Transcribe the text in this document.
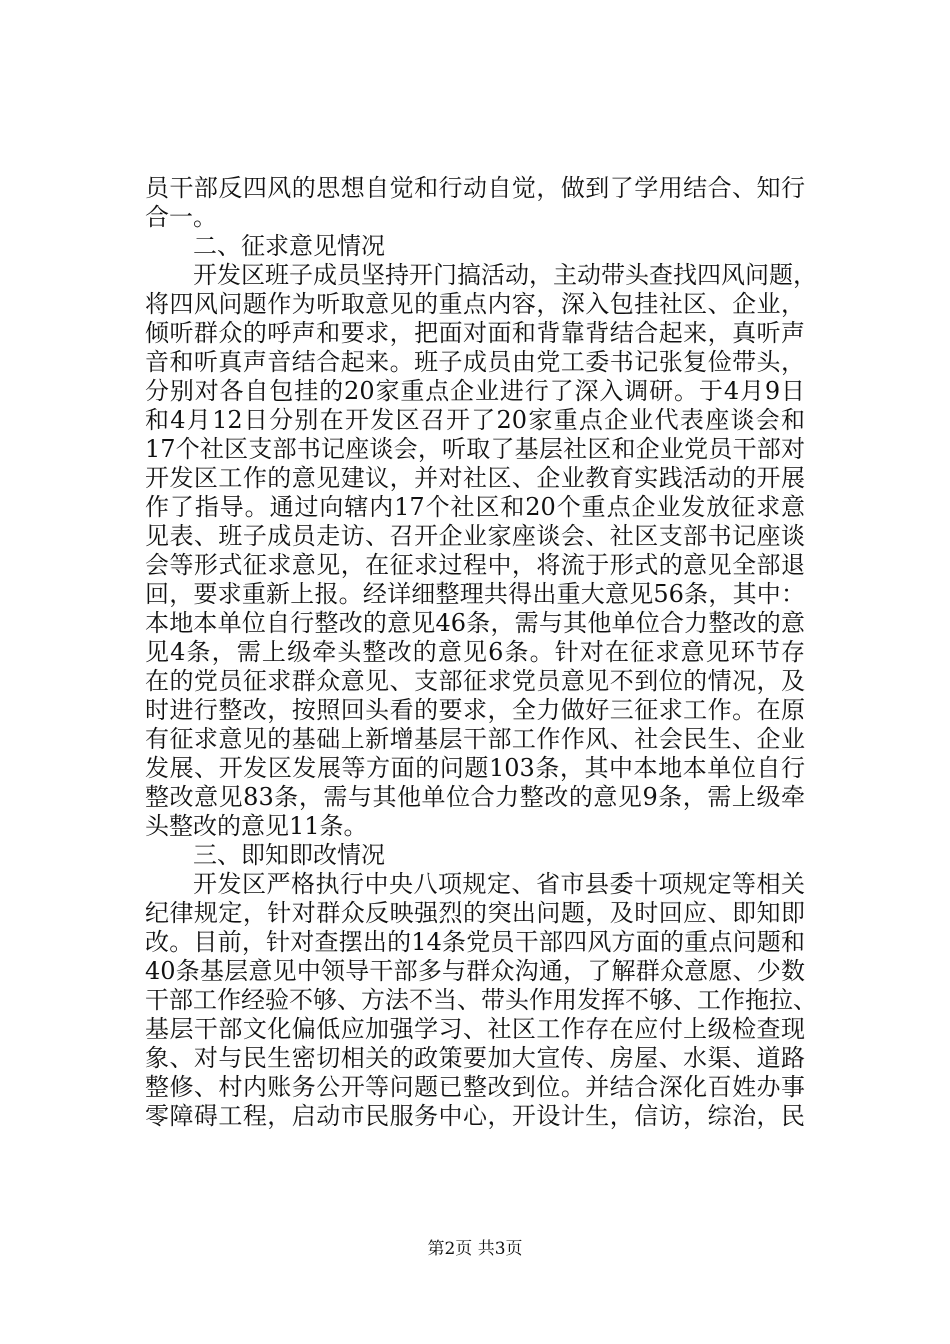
员干部反四风的思想自觉和行动自觉，做到了学用结合、知行
合一。
二、征求意见情况
开发区班子成员坚持开门搞活动，主动带头查找四风问题，
将四风问题作为听取意见的重点内容，深入包挂社区、企业，
倾听群众的呼声和要求，把面对面和背靠背结合起来，真听声
音和听真声音结合起来。班子成员由党工委书记张复俭带头，
分别对各自包挂的20家重点企业进行了深入调研。于4月9日
和4月12日分别在开发区召开了20家重点企业代表座谈会和
17个社区支部书记座谈会，听取了基层社区和企业党员干部对
开发区工作的意见建议，并对社区、企业教育实践活动的开展
作了指导。通过向辖内17个社区和20个重点企业发放征求意
见表、班子成员走访、召开企业家座谈会、社区支部书记座谈
会等形式征求意见，在征求过程中，将流于形式的意见全部退
回，要求重新上报。经详细整理共得出重大意见56条，其中：
本地本单位自行整改的意见46条，需与其他单位合力整改的意
见4条，需上级牵头整改的意见6条。针对在征求意见环节存
在的党员征求群众意见、支部征求党员意见不到位的情况，及
时进行整改，按照回头看的要求，全力做好三征求工作。在原
有征求意见的基础上新增基层干部工作作风、社会民生、企业
发展、开发区发展等方面的问题103条，其中本地本单位自行
整改意见83条，需与其他单位合力整改的意见9条，需上级牵
头整改的意见11条。
三、即知即改情况
开发区严格执行中央八项规定、省市县委十项规定等相关
纪律规定，针对群众反映强烈的突出问题，及时回应、即知即
改。目前，针对查摆出的14条党员干部四风方面的重点问题和
40条基层意见中领导干部多与群众沟通，了解群众意愿、少数
干部工作经验不够、方法不当、带头作用发挥不够、工作拖拉、
基层干部文化偏低应加强学习、社区工作存在应付上级检查现
象、对与民生密切相关的政策要加大宣传、房屋、水渠、道路
整修、村内账务公开等问题已整改到位。并结合深化百姓办事
零障碍工程，启动市民服务中心，开设计生，信访，综治，民
第2页 共3页
